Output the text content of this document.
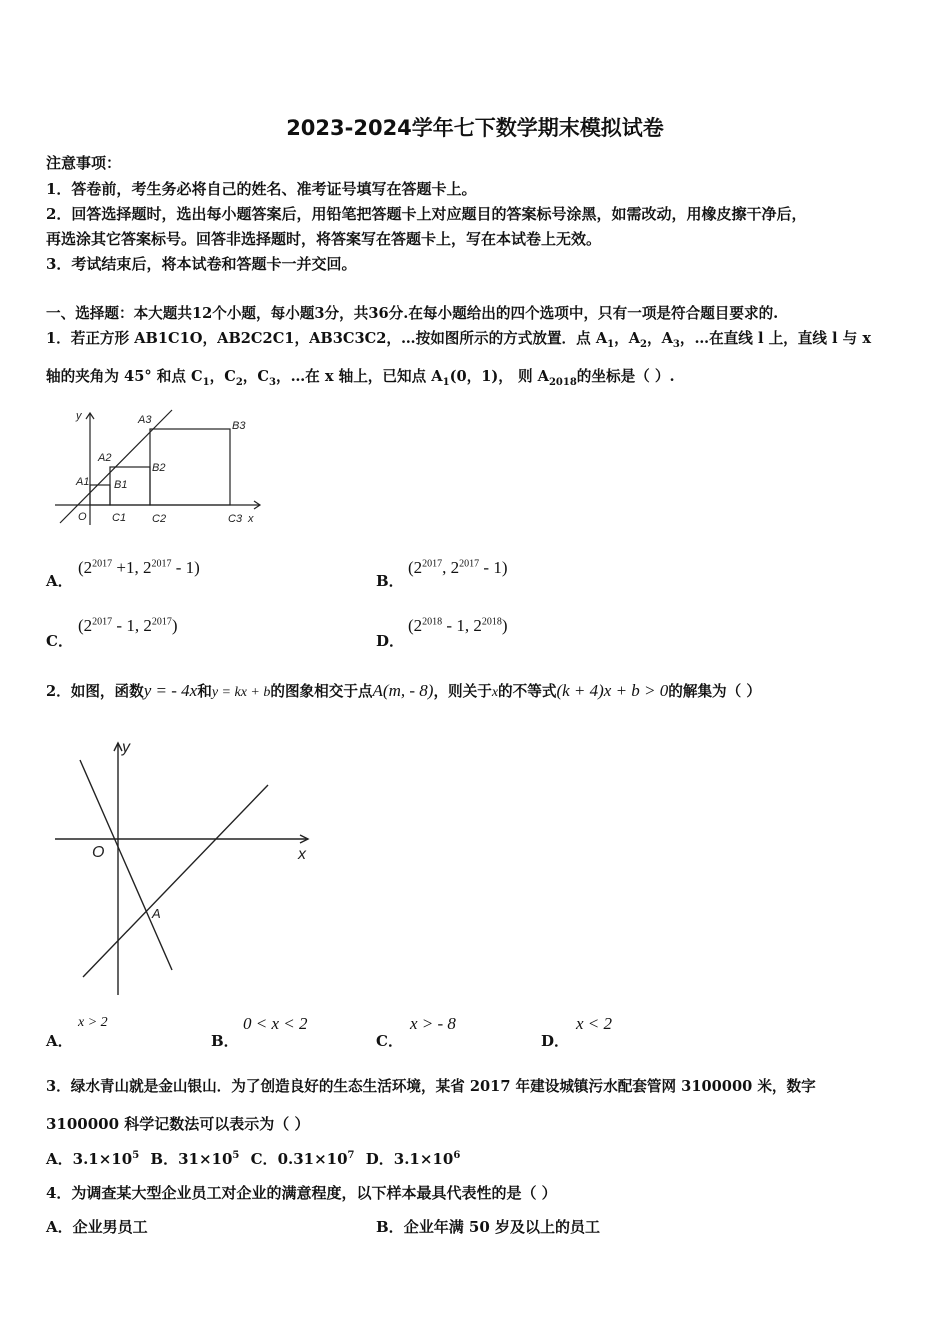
2023-2024学年七下数学期末模拟试卷
注意事项：
1．答卷前，考生务必将自己的姓名、准考证号填写在答题卡上。
2．回答选择题时，选出每小题答案后，用铅笔把答题卡上对应题目的答案标号涂黑，如需改动，用橡皮擦干净后，
再选涂其它答案标号。回答非选择题时，将答案写在答题卡上，写在本试卷上无效。
3．考试结束后，将本试卷和答题卡一并交回。
一、选择题：本大题共12个小题，每小题3分，共36分.在每小题给出的四个选项中，只有一项是符合题目要求的.
1．若正方形 AB1C1O，AB2C2C1，AB3C3C2，…按如图所示的方式放置．点 $A_1$，$A_2$，$A_3$，…在直线 l 上，直线 l 与 x
轴的夹角为 45° 和点 $C_1$，$C_2$，$C_3$，…在 x 轴上，已知点 $A_1(0$，1)， 则 $A_{2018}$的坐标是（ ）.
y	A3	B3
A2
B2
A1 B1
O C1 C2	C3 x
A．
($2^{2017} +1$, $2^{2017} - 1$)
B．
($2^{2017}$, $2^{2017} - 1$)
C．
($2^{2017} - 1$, $2^{2017}$)
D．
($2^{2018} - 1$, $2^{2018}$)
2．如图，函数y = - 4x和y = kx + b的图象相交于点A(m, - 8)，则关于x的不等式(k + 4)x + b > 0的解集为（ ）
y
O	x
A
A．
x > 2
B．
0 < x < 2
C．
x > - 8
D．
x < 2
3．绿水青山就是金山银山．为了创造良好的生态生活环境，某省 2017 年建设城镇污水配套管网 3100000 米，数字
3100000 科学记数法可以表示为（ ）
A．$3.1\times 10^5$ B．$31\times 10^5$ C．$0.31\times 10^7$ D．$3.1\times 10^6$
4．为调查某大型企业员工对企业的满意程度，以下样本最具代表性的是（ ）
A．企业男员工	B．企业年满 50 岁及以上的员工
